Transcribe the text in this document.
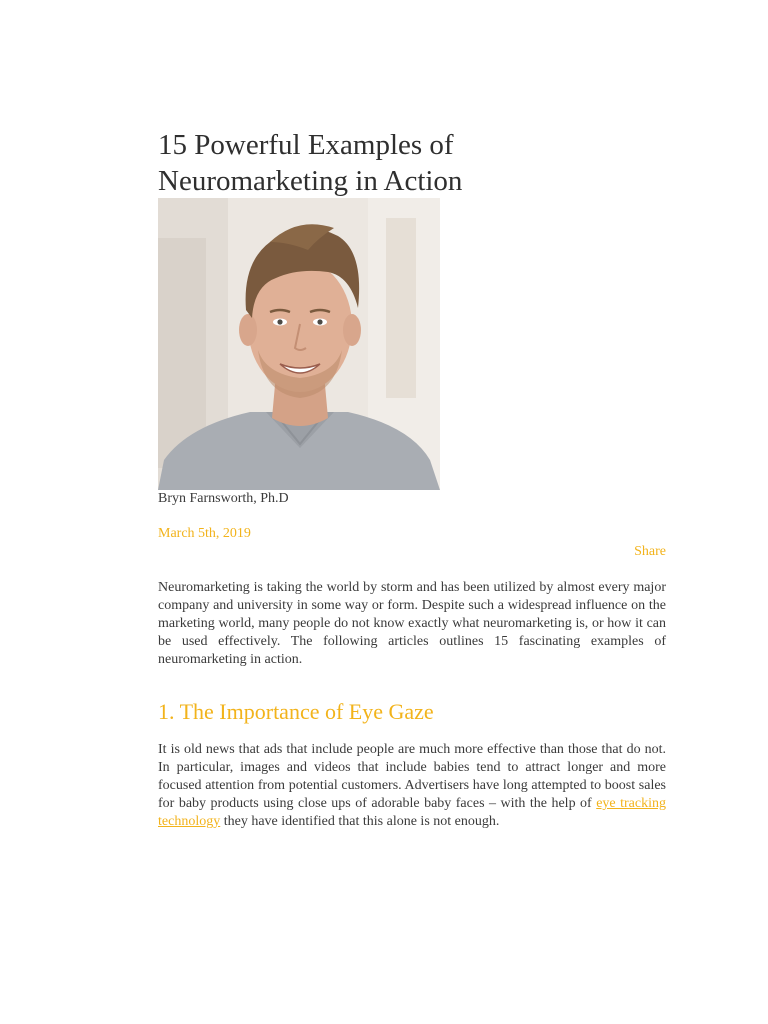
15 Powerful Examples of
Neuromarketing in Action
Bryn Farnsworth, Ph.D
March 5th, 2019
Share

Neuromarketing is taking the world by storm and has been utilized by almost every major company and university in some way or form. Despite such a widespread influence on the marketing world, many people do not know exactly what neuromarketing is, or how it can be used effectively. The following articles outlines 15 fascinating examples of neuromarketing in action.

1. The Importance of Eye Gaze

It is old news that ads that include people are much more effective than those that do not. In particular, images and videos that include babies tend to attract longer and more focused attention from potential customers. Advertisers have long attempted to boost sales for baby products using close ups of adorable baby faces – with the help of eye tracking technology they have identified that this alone is not enough.
